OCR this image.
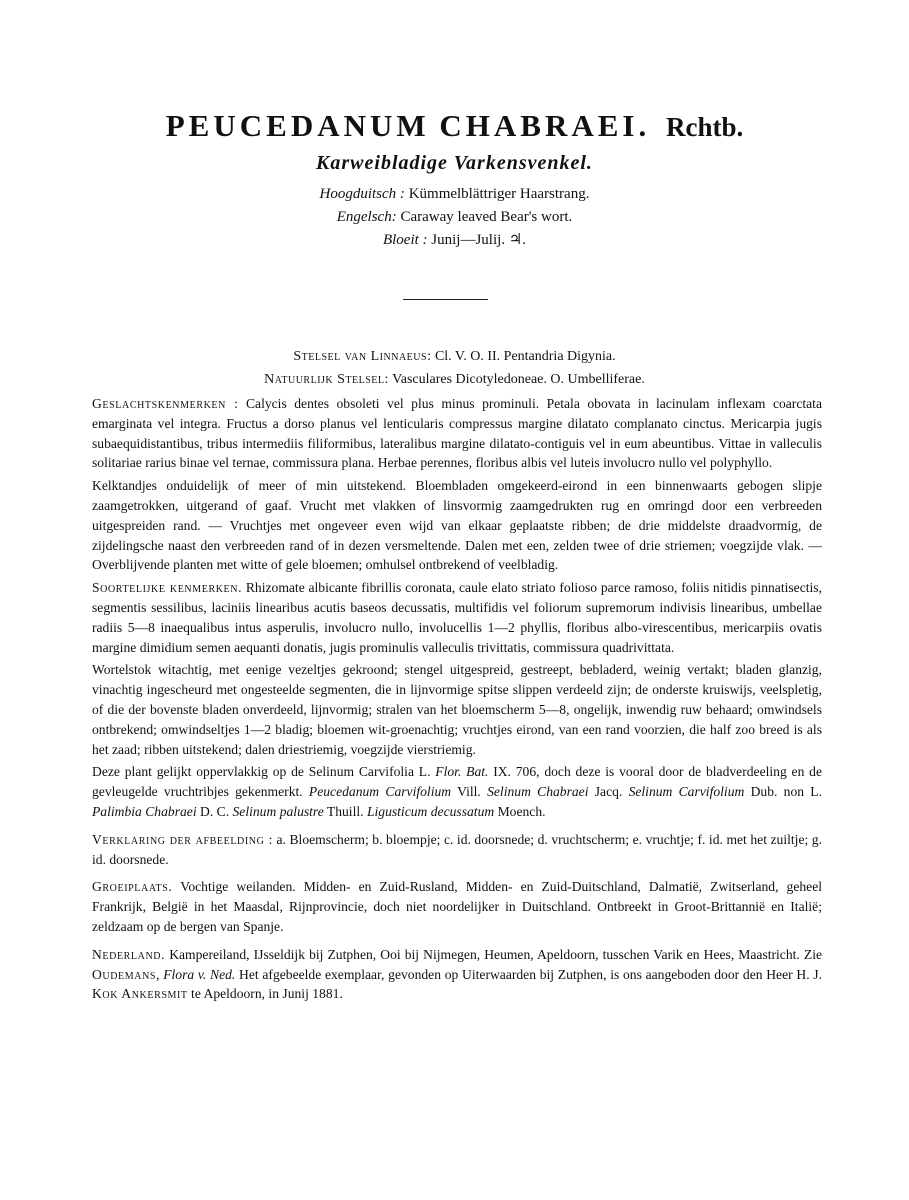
PEUCEDANUM CHABRAEI. Rchtb.
Karweibladige Varkensvenkel.
Hoogduitsch : Kümmelblättriger Haarstrang.
Engelsch: Caraway leaved Bear's wort.
Bloeit : Junij—Julij. ♃.
Stelsel van Linnaeus: Cl. V. O. II. Pentandria Digynia.
Natuurlijk Stelsel: Vasculares Dicotyledoneae. O. Umbelliferae.

Geslachtskenmerken : Calycis dentes obsoleti vel plus minus prominuli. Petala obovata in lacinulam inflexam coarctata emarginata vel integra. Fructus a dorso planus vel lenticularis compressus margine dilatato complanato cinctus. Mericarpia jugis subaequidistantibus, tribus intermediis filiformibus, lateralibus margine dilatato-contiguis vel in eum abeuntibus. Vittae in valleculis solitariae rarius binae vel ternae, commissura plana. Herbae perennes, floribus albis vel luteis involucro nullo vel polyphyllo.

Kelktandjes onduidelijk of meer of min uitstekend. Bloembladen omgekeerd-eirond in een binnenwaarts gebogen slipje zaamgetrokken, uitgerand of gaaf. Vrucht met vlakken of linsvormig zaamgedrukten rug en omringd door een verbreeden uitgespreiden rand. — Vruchtjes met ongeveer even wijd van elkaar geplaatste ribben; de drie middelste draadvormig, de zijdelingsche naast den verbreeden rand of in dezen versmeltende. Dalen met een, zelden twee of drie striemen; voegzijde vlak. — Overblijvende planten met witte of gele bloemen; omhulsel ontbrekend of veelbladig.

Soortelijke kenmerken. Rhizomate albicante fibrillis coronata, caule elato striato folioso parce ramoso, foliis nitidis pinnatisectis, segmentis sessilibus, laciniis linearibus acutis baseos decussatis, multifidis vel foliorum supremorum indivisis linearibus, umbellae radiis 5—8 inaequalibus intus asperulis, involucro nullo, involucellis 1—2 phyllis, floribus albo-virescentibus, mericarpiis ovatis margine dimidium semen aequanti donatis, jugis prominulis valleculis trivittatis, commissura quadrivittata.

Wortelstok witachtig, met eenige vezeltjes gekroond; stengel uitgespreid, gestreept, bebladerd, weinig vertakt; bladen glanzig, vinachtig ingescheurd met ongesteelde segmenten, die in lijnvormige spitse slippen verdeeld zijn; de onderste kruiswijs, veelspletig, of die der bovenste bladen onverdeeld, lijnvormig; stralen van het bloemscherm 5—8, ongelijk, inwendig ruw behaard; omwindsels ontbrekend; omwindseltjes 1—2 bladig; bloemen wit-groenachtig; vruchtjes eirond, van een rand voorzien, die half zoo breed is als het zaad; ribben uitstekend; dalen driestriemig, voegzijde vierstriemig.

Deze plant gelijkt oppervlakkig op de Selinum Carvifolia L. Flor. Bat. IX. 706, doch deze is vooral door de bladverdeeling en de gevleugelde vruchtribjes gekenmerkt. Peucedanum Carvifolium Vill. Selinum Chabraei Jacq. Selinum Carvifolium Dub. non L. Palimbia Chabraei D. C. Selinum palustre Thuill. Ligusticum decussatum Moench.

Verklaring der afbeelding : a. Bloemscherm; b. bloempje; c. id. doorsnede; d. vruchtscherm; e. vruchtje; f. id. met het zuiltje; g. id. doorsnede.

Groeiplaats. Vochtige weilanden. Midden- en Zuid-Rusland, Midden- en Zuid-Duitschland, Dalmatië, Zwitserland, geheel Frankrijk, België in het Maasdal, Rijnprovincie, doch niet noordelijker in Duitschland. Ontbreekt in Groot-Brittannië en Italië; zeldzaam op de bergen van Spanje.

Nederland. Kampereiland, IJsseldijk bij Zutphen, Ooi bij Nijmegen, Heumen, Apeldoorn, tusschen Varik en Hees, Maastricht. Zie Oudemans, Flora v. Ned. Het afgebeelde exemplaar, gevonden op Uiterwaarden bij Zutphen, is ons aangeboden door den Heer H. J. Kok Ankersmit te Apeldoorn, in Junij 1881.
